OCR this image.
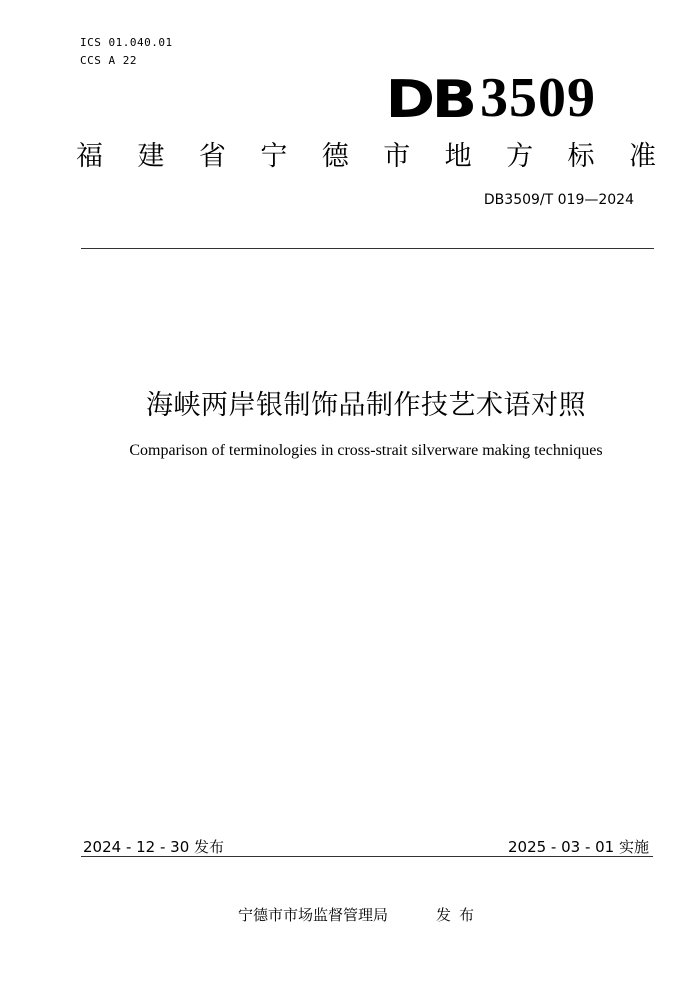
ICS 01.040.01
CCS A 22
DB 3509
福 建 省 宁 德 市 地 方 标 准
DB3509/T 019—2024
海峡两岸银制饰品制作技艺术语对照
Comparison of terminologies in cross-strait silverware making techniques
2024 - 12 - 30 发布	2025 - 03 - 01 实施
宁德市市场监督管理局	发布
